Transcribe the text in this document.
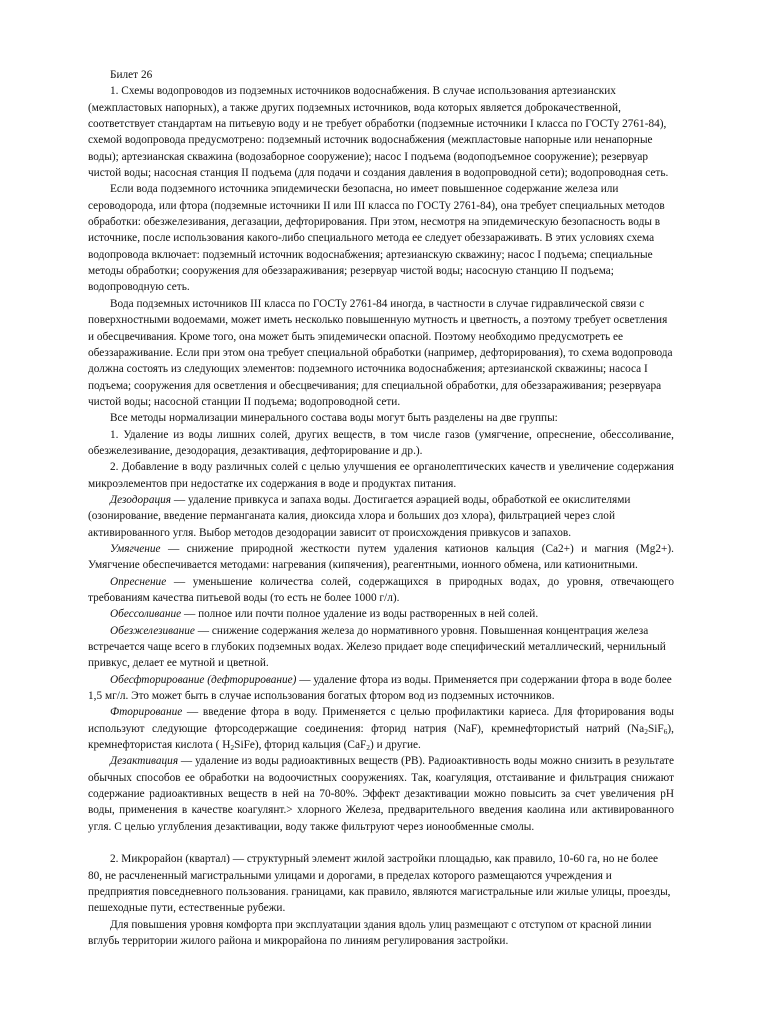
Билет 26

1. Схемы водопроводов из подземных источников водоснабжения. В случае использования артезианских (межпластовых напорных), а также других подземных источников, вода которых является доброкачественной, соответствует стандартам на питьевую воду и не требует обработки (подземные источники I класса по ГОСТу 2761-84), схемой водопровода предусмотрено: подземный источник водоснабжения (межпластовые напорные или ненапорные воды); артезианская скважина (водозаборное сооружение); насос I подъема (водоподъемное сооружение); резервуар чистой воды; насосная станция II подъема (для подачи и создания давления в водопроводной сети); водопроводная сеть.

Если вода подземного источника эпидемически безопасна, но имеет повышенное содержание железа или сероводорода, или фтора (подземные источники II или III класса по ГОСТу 2761-84), она требует специальных методов обработки: обезжелезивания, дегазации, дефторирования. При этом, несмотря на эпидемическую безопасность воды в источнике, после использования какого-либо специального метода ее следует обеззараживать. В этих условиях схема водопровода включает: подземный источник водоснабжения; артезианскую скважину; насос I подъема; специальные методы обработки; сооружения для обеззараживания; резервуар чистой воды; насосную станцию II подъема; водопроводную сеть.

Вода подземных источников III класса по ГОСТу 2761-84 иногда, в частности в случае гидравлической связи с поверхностными водоемами, может иметь несколько повышенную мутность и цветность, а поэтому требует осветления и обесцвечивания. Кроме того, она может быть эпидемически опасной. Поэтому необходимо предусмотреть ее обеззараживание. Если при этом она требует специальной обработки (например, дефторирования), то схема водопровода должна состоять из следующих элементов: подземного источника водоснабжения; артезианской скважины; насоса I подъема; сооружения для осветления и обесцвечивания; для специальной обработки, для обеззараживания; резервуара чистой воды; насосной станции II подъема; водопроводной сети.

Все методы нормализации минерального состава воды могут быть разделены на две группы:

1. Удаление из воды лишних солей, других веществ, в том числе газов (умягчение, опреснение, обессоливание, обезжелезивание, дезодорация, дезактивация, дефторирование и др.).

2. Добавление в воду различных солей с целью улучшения ее органолептических качеств и увеличение содержания микроэлементов при недостатке их содержания в воде и продуктах питания.

Дезодорация — удаление привкуса и запаха воды. Достигается аэрацией воды, обработкой ее окислителями (озонирование, введение перманганата калия, диоксида хлора и больших доз хлора), фильтрацией через слой активированного угля. Выбор методов дезодорации зависит от происхождения привкусов и запахов.

Умягчение — снижение природной жесткости путем удаления катионов кальция (Ca2+) и магния (Mg2+). Умягчение обеспечивается методами: нагревания (кипячения), реагентными, ионного обмена, или катионитными.

Опреснение — уменьшение количества солей, содержащихся в природных водах, до уровня, отвечающего требованиям качества питьевой воды (то есть не более 1000 г/л).

Обессоливание — полное или почти полное удаление из воды растворенных в ней солей.

Обезжелезивание — снижение содержания железа до нормативного уровня. Повышенная концентрация железа встречается чаще всего в глубоких подземных водах. Железо придает воде специфический металлический, чернильный привкус, делает ее мутной и цветной.

Обесфторирование (дефторирование) — удаление фтора из воды. Применяется при содержании фтора в воде более 1,5 мг/л. Это может быть в случае использования богатых фтором вод из подземных источников.

Фторирование — введение фтора в воду. Применяется с целью профилактики кариеса. Для фторирования воды используют следующие фторсодержащие соединения: фторид натрия (NaF), кремнефтористый натрий $(Na_2SiF_6)$, кремнефтористая кислота ( $H_2SiFe$), фторид кальция (CaF$_2$) и другие.

Дезактивация — удаление из воды радиоактивных веществ (РВ). Радиоактивность воды можно снизить в результате обычных способов ее обработки на водоочистных сооружениях. Так, коагуляция, отстаивание и фильтрация снижают содержание радиоактивных веществ в ней на 70-80%. Эффект дезактивации можно повысить за счет увеличения pH воды, применения в качестве коагулянт.> хлорного Железа, предварительного введения каолина или активированного угля. С целью углубления дезактивации, воду также фильтруют через ионообменные смолы.

2. Микрорайон (квартал) — структурный элемент жилой застройки площадью, как правило, 10-60 га, но не более 80, не расчлененный магистральными улицами и дорогами, в пределах которого размещаются учреждения и предприятия повседневного пользования. границами, как правило, являются магистральные или жилые улицы, проезды, пешеходные пути, естественные рубежи.

Для повышения уровня комфорта при эксплуатации здания вдоль улиц размещают с отступом от красной линии вглубь территории жилого района и микрорайона по линиям регулирования застройки.
